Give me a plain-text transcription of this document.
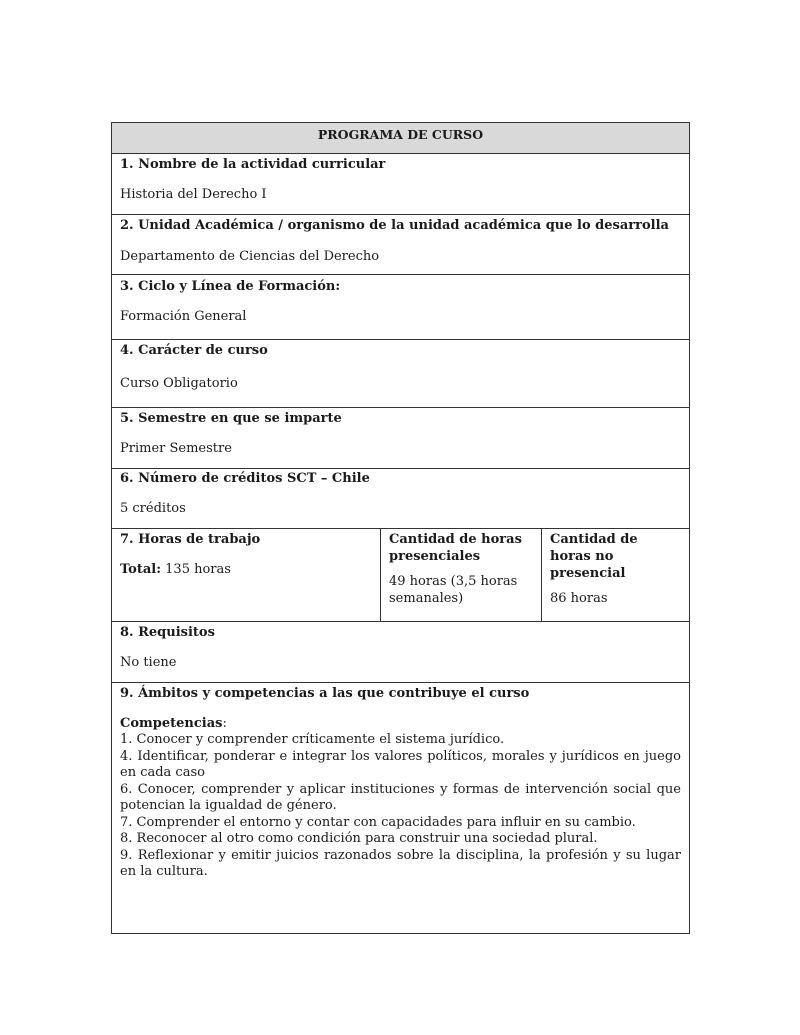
PROGRAMA DE CURSO
1. Nombre de la actividad curricular
Historia del Derecho I
2. Unidad Académica / organismo de la unidad académica que lo desarrolla
Departamento de Ciencias del Derecho
3. Ciclo y Línea de Formación:
Formación General
4. Carácter de curso
Curso Obligatorio
5. Semestre en que se imparte
Primer Semestre
6. Número de créditos SCT – Chile
5 créditos
7. Horas de trabajo
Total: 135 horas
Cantidad de horas presenciales
49 horas (3,5 horas semanales)
Cantidad de horas no presencial
86 horas
8. Requisitos
No tiene
9. Ámbitos y competencias a las que contribuye el curso
Competencias:
1. Conocer y comprender críticamente el sistema jurídico.
4. Identificar, ponderar e integrar los valores políticos, morales y jurídicos en juego en cada caso
6. Conocer, comprender y aplicar instituciones y formas de intervención social que potencian la igualdad de género.
7. Comprender el entorno y contar con capacidades para influir en su cambio.
8. Reconocer al otro como condición para construir una sociedad plural.
9. Reflexionar y emitir juicios razonados sobre la disciplina, la profesión y su lugar en la cultura.
